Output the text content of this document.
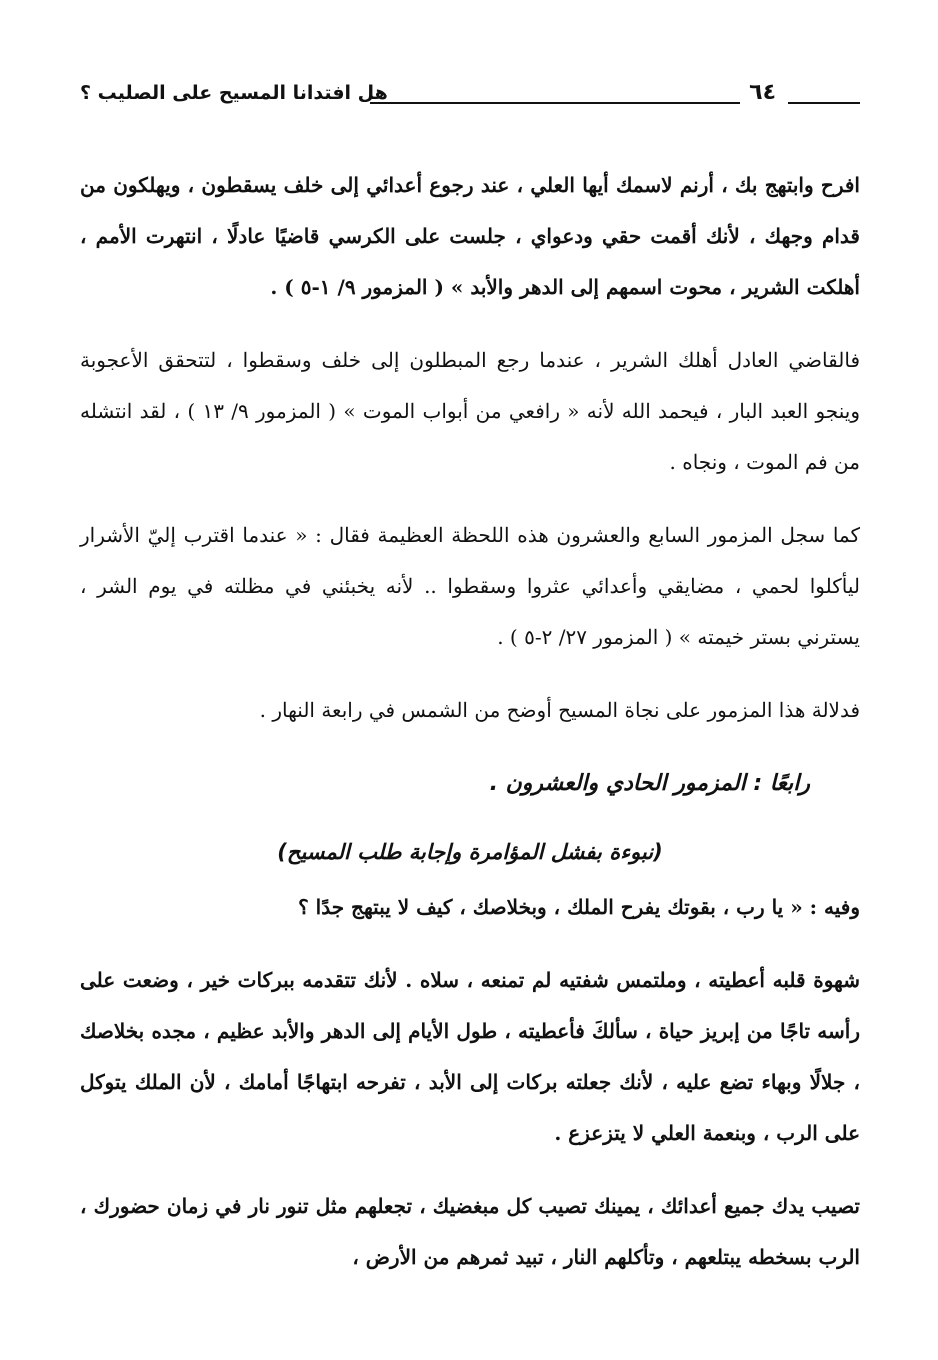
٦٤
هل افتدانا المسيح على الصليب ؟

افرح وابتهج بك ، أرنم لاسمك أيها العلي ، عند رجوع أعدائي إلى خلف يسقطون ، ويهلكون من قدام وجهك ، لأنك أقمت حقي ودعواي ، جلست على الكرسي قاضيًا عادلًا ، انتهرت الأمم ، أهلكت الشرير ، محوت اسمهم إلى الدهر والأبد » ( المزمور ٩/ ١-٥ ) .

فالقاضي العادل أهلك الشرير ، عندما رجع المبطلون إلى خلف وسقطوا ، لتتحقق الأعجوبة وينجو العبد البار ، فيحمد الله لأنه « رافعي من أبواب الموت » ( المزمور ٩/ ١٣ ) ، لقد انتشله من فم الموت ، ونجاه .

كما سجل المزمور السابع والعشرون هذه اللحظة العظيمة فقال : « عندما اقترب إليّ الأشرار ليأكلوا لحمي ، مضايقي وأعدائي عثروا وسقطوا .. لأنه يخبئني في مظلته في يوم الشر ، يسترني بستر خيمته » ( المزمور ٢٧/ ٢-٥ ) .

فدلالة هذا المزمور على نجاة المسيح أوضح من الشمس في رابعة النهار .

رابعًا : المزمور الحادي والعشرون .
(نبوءة بفشل المؤامرة وإجابة طلب المسيح)

وفيه : « يا رب ، بقوتك يفرح الملك ، وبخلاصك ، كيف لا يبتهج جدًا ؟

شهوة قلبه أعطيته ، وملتمس شفتيه لم تمنعه ، سلاه . لأنك تتقدمه ببركات خير ، وضعت على رأسه تاجًا من إبريز حياة ، سألكَ فأعطيته ، طول الأيام إلى الدهر والأبد عظيم ، مجده بخلاصك ، جلالًا وبهاء تضع عليه ، لأنك جعلته بركات إلى الأبد ، تفرحه ابتهاجًا أمامك ، لأن الملك يتوكل على الرب ، وبنعمة العلي لا يتزعزع .

تصيب يدك جميع أعدائك ، يمينك تصيب كل مبغضيك ، تجعلهم مثل تنور نار في زمان حضورك ، الرب بسخطه يبتلعهم ، وتأكلهم النار ، تبيد ثمرهم من الأرض ،
